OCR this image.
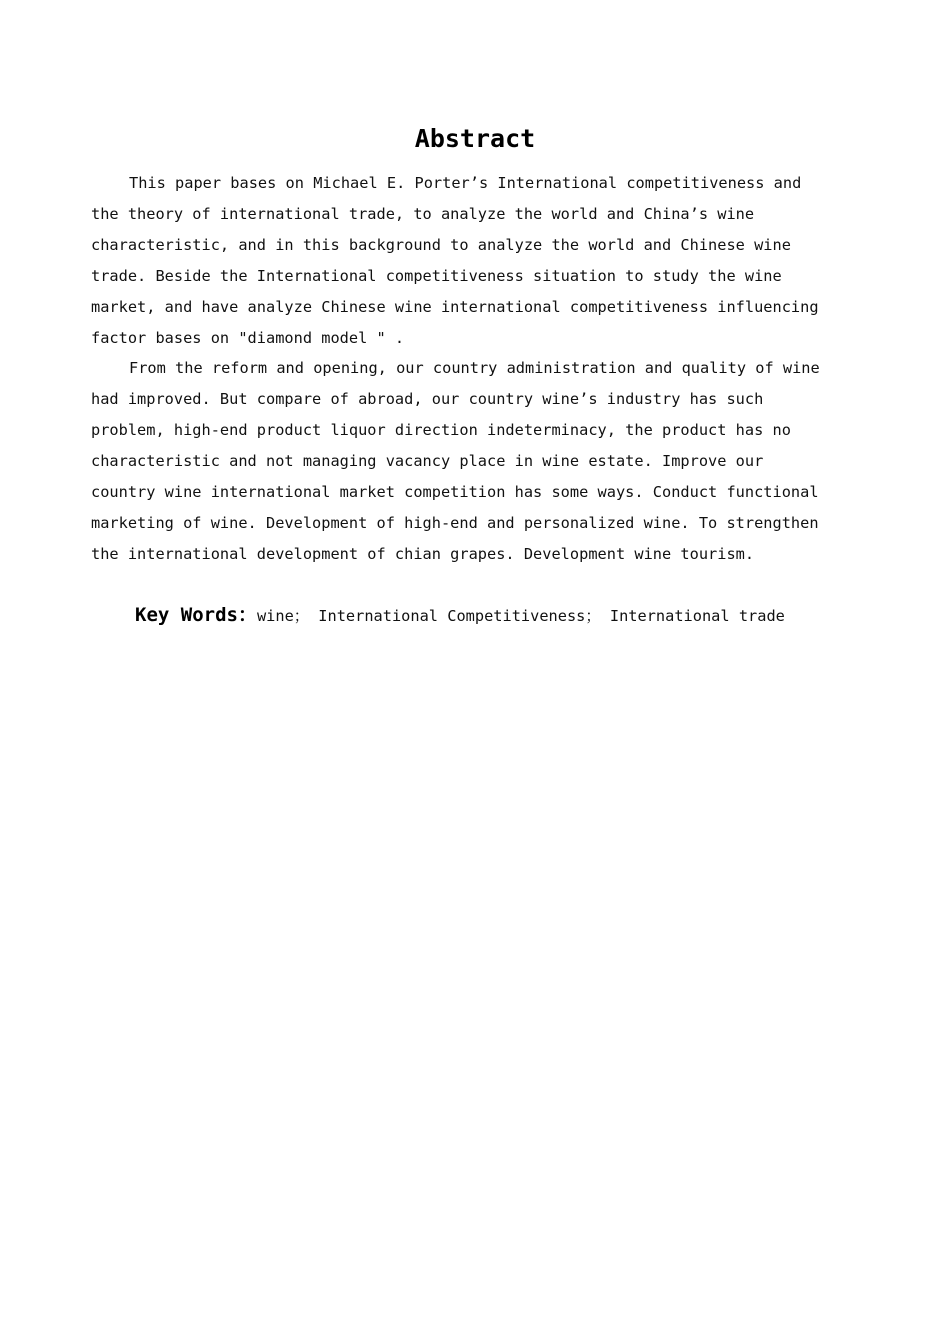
Abstract
This paper bases on Michael E. Porter’s International competitiveness and
the theory of international trade, to analyze the world and China’s wine
characteristic, and in this background to analyze the world and Chinese wine
trade. Beside the International competitiveness situation to study the wine
market, and have analyze Chinese wine international competitiveness influencing
factor bases on "diamond model " .
From the reform and opening, our country administration and quality of wine
had improved. But compare of abroad, our country wine’s industry has such
problem, high-end product liquor direction indeterminacy, the product has no
characteristic and not managing vacancy place in wine estate. Improve our
country wine international market competition has some ways. Conduct functional
marketing of wine. Development of high-end and personalized wine. To strengthen
the international development of chian grapes. Development wine tourism.
Key Words：wine； International Competitiveness； International trade
